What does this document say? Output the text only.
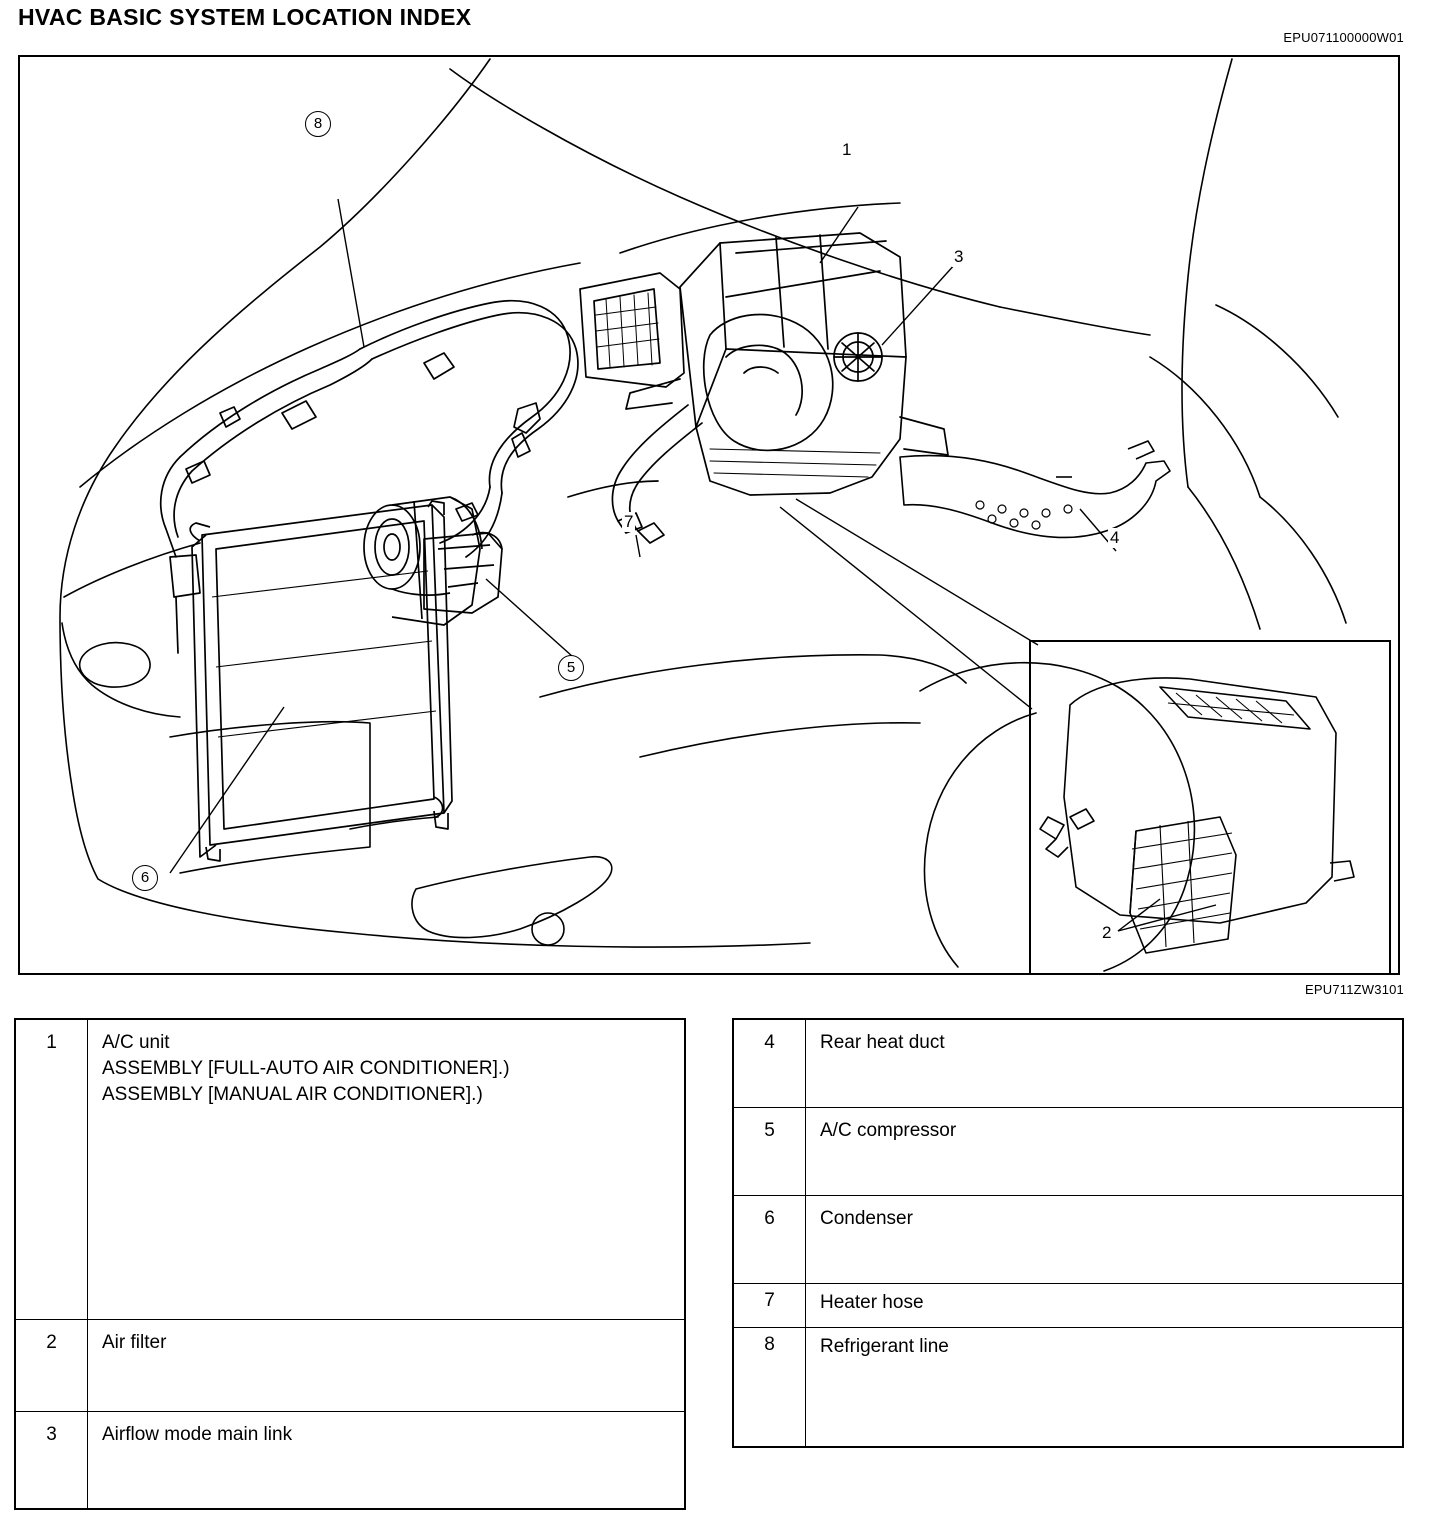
HVAC BASIC SYSTEM LOCATION INDEX
EPU071100000W01
1
2
3
4
5
6
7
8
EPU711ZW3101
1	A/C unit
ASSEMBLY [FULL-AUTO AIR CONDITIONER].)
ASSEMBLY [MANUAL AIR CONDITIONER].)
2	Air filter
3	Airflow mode main link
4	Rear heat duct
5	A/C compressor
6	Condenser
7	Heater hose
8	Refrigerant line
